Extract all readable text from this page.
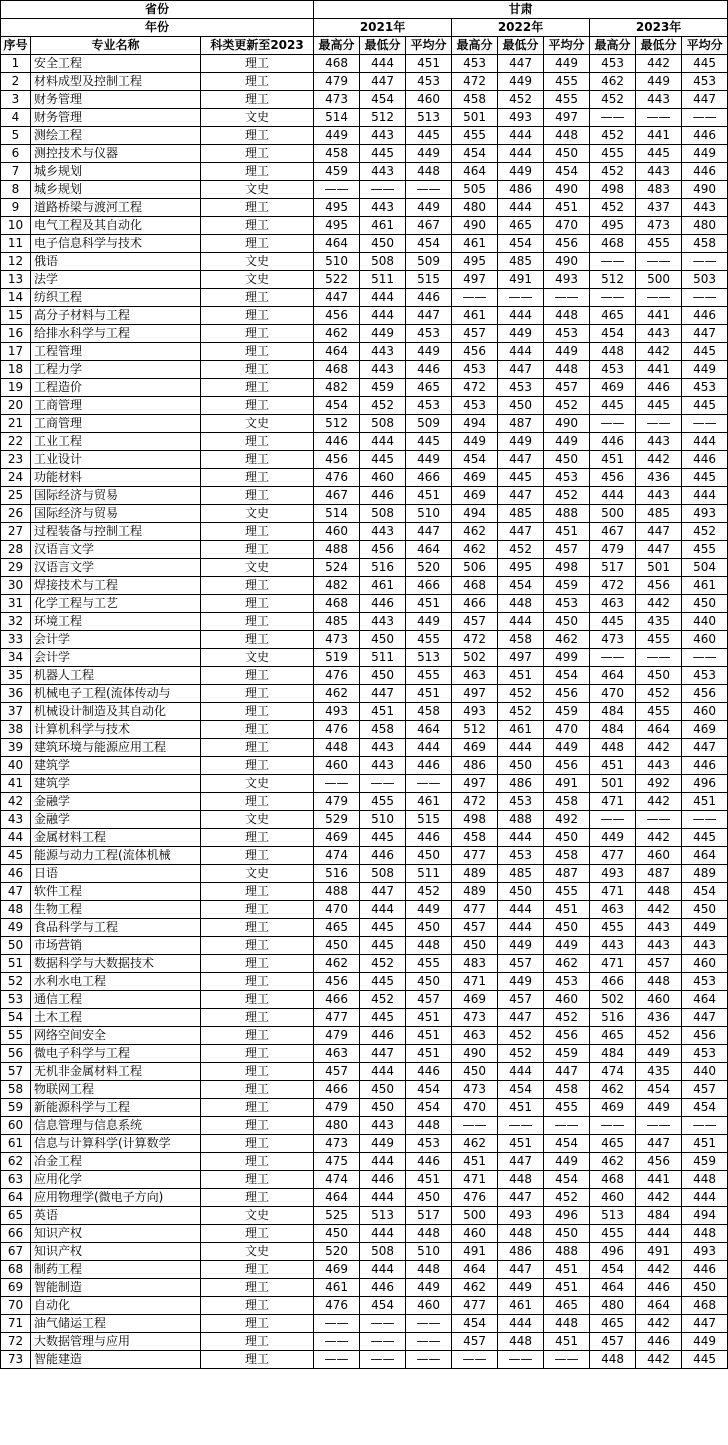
省份			甘肃								
年份			2021年			2022年			2023年		
序号	专业名称	科类更新至2023	最高分	最低分	平均分	最高分	最低分	平均分	最高分	最低分	平均分
1	安全工程	理工	468	444	451	453	447	449	453	442	445
2	材料成型及控制工程	理工	479	447	453	472	449	455	462	449	453
3	财务管理	理工	473	454	460	458	452	455	452	443	447
4	财务管理	文史	514	512	513	501	493	497	——	——	——
5	测绘工程	理工	449	443	445	455	444	448	452	441	446
6	测控技术与仪器	理工	458	445	449	454	444	450	455	445	449
7	城乡规划	理工	459	443	448	464	449	454	452	443	446
8	城乡规划	文史	——	——	——	505	486	490	498	483	490
9	道路桥梁与渡河工程	理工	495	443	449	480	444	451	452	437	443
10	电气工程及其自动化	理工	495	461	467	490	465	470	495	473	480
11	电子信息科学与技术	理工	464	450	454	461	454	456	468	455	458
12	俄语	文史	510	508	509	495	485	490	——	——	——
13	法学	文史	522	511	515	497	491	493	512	500	503
14	纺织工程	理工	447	444	446	——	——	——	——	——	——
15	高分子材料与工程	理工	456	444	447	461	444	448	465	441	446
16	给排水科学与工程	理工	462	449	453	457	449	453	454	443	447
17	工程管理	理工	464	443	449	456	444	449	448	442	445
18	工程力学	理工	468	443	446	453	447	448	453	441	449
19	工程造价	理工	482	459	465	472	453	457	469	446	453
20	工商管理	理工	454	452	453	453	450	452	445	445	445
21	工商管理	文史	512	508	509	494	487	490	——	——	——
22	工业工程	理工	446	444	445	449	449	449	446	443	444
23	工业设计	理工	456	445	449	454	447	450	451	442	446
24	功能材料	理工	476	460	466	469	445	453	456	436	445
25	国际经济与贸易	理工	467	446	451	469	447	452	444	443	444
26	国际经济与贸易	文史	514	508	510	494	485	488	500	485	493
27	过程装备与控制工程	理工	460	443	447	462	447	451	467	447	452
28	汉语言文学	理工	488	456	464	462	452	457	479	447	455
29	汉语言文学	文史	524	516	520	506	495	498	517	501	504
30	焊接技术与工程	理工	482	461	466	468	454	459	472	456	461
31	化学工程与工艺	理工	468	446	451	466	448	453	463	442	450
32	环境工程	理工	485	443	449	457	444	450	445	435	440
33	会计学	理工	473	450	455	472	458	462	473	455	460
34	会计学	文史	519	511	513	502	497	499	——	——	——
35	机器人工程	理工	476	450	455	463	451	454	464	450	453
36	机械电子工程(流体传动与	理工	462	447	451	497	452	456	470	452	456
37	机械设计制造及其自动化	理工	493	451	458	493	452	459	484	455	460
38	计算机科学与技术	理工	476	458	464	512	461	470	484	464	469
39	建筑环境与能源应用工程	理工	448	443	444	469	444	449	448	442	447
40	建筑学	理工	460	443	446	486	450	456	451	443	446
41	建筑学	文史	——	——	——	497	486	491	501	492	496
42	金融学	理工	479	455	461	472	453	458	471	442	451
43	金融学	文史	529	510	515	498	488	492	——	——	——
44	金属材料工程	理工	469	445	446	458	444	450	449	442	445
45	能源与动力工程(流体机械	理工	474	446	450	477	453	458	477	460	464
46	日语	文史	516	508	511	489	485	487	493	487	489
47	软件工程	理工	488	447	452	489	450	455	471	448	454
48	生物工程	理工	470	444	449	477	444	451	463	442	450
49	食品科学与工程	理工	465	445	450	457	444	450	455	443	449
50	市场营销	理工	450	445	448	450	449	449	443	443	443
51	数据科学与大数据技术	理工	462	452	455	483	457	462	471	457	460
52	水利水电工程	理工	456	445	450	471	449	453	466	448	453
53	通信工程	理工	466	452	457	469	457	460	502	460	464
54	土木工程	理工	477	445	451	473	447	452	516	436	447
55	网络空间安全	理工	479	446	451	463	452	456	465	452	456
56	微电子科学与工程	理工	463	447	451	490	452	459	484	449	453
57	无机非金属材料工程	理工	457	444	446	450	444	447	474	435	440
58	物联网工程	理工	466	450	454	473	454	458	462	454	457
59	新能源科学与工程	理工	479	450	454	470	451	455	469	449	454
60	信息管理与信息系统	理工	480	443	448	——	——	——	——	——	——
61	信息与计算科学(计算数学	理工	473	449	453	462	451	454	465	447	451
62	冶金工程	理工	475	444	446	451	447	449	462	456	459
63	应用化学	理工	474	446	451	471	448	454	468	441	448
64	应用物理学(微电子方向)	理工	464	444	450	476	447	452	460	442	444
65	英语	文史	525	513	517	500	493	496	513	484	494
66	知识产权	理工	450	444	448	460	448	450	455	444	448
67	知识产权	文史	520	508	510	491	486	488	496	491	493
68	制药工程	理工	469	444	448	464	447	451	454	442	446
69	智能制造	理工	461	446	449	462	449	451	464	446	450
70	自动化	理工	476	454	460	477	461	465	480	464	468
71	油气储运工程	理工	——	——	——	454	444	448	465	442	447
72	大数据管理与应用	理工	——	——	——	457	448	451	457	446	449
73	智能建造	理工	——	——	——	——	——	——	448	442	445
